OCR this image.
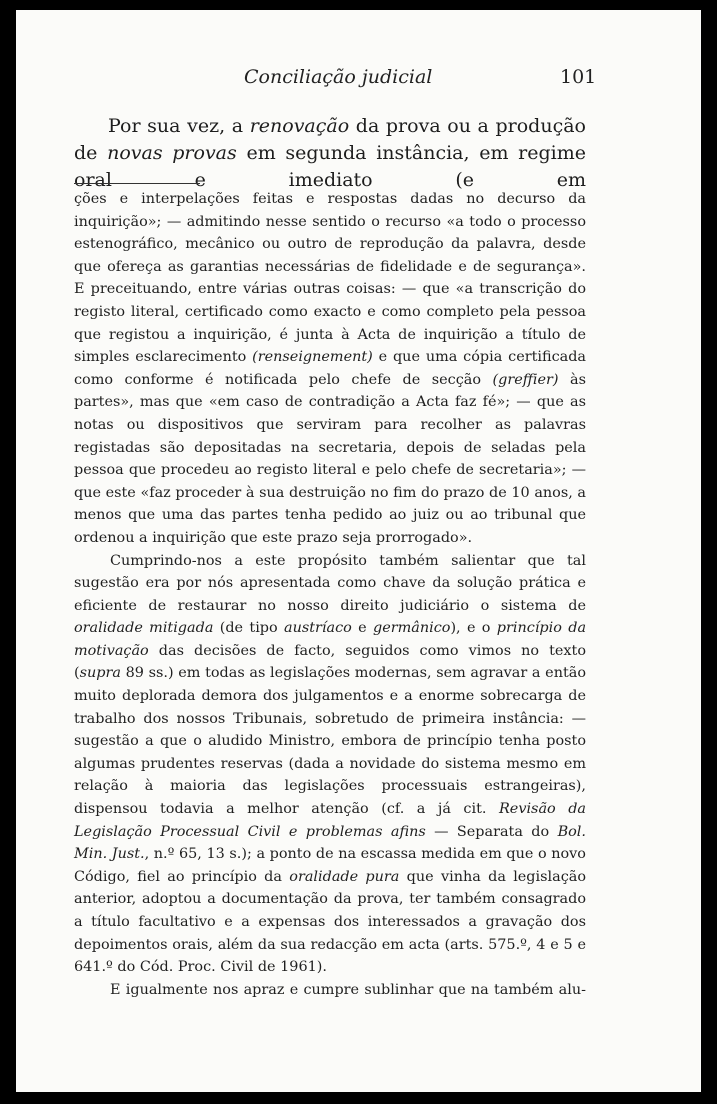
Conciliação judicial	101

Por sua vez, a renovação da prova ou a produção de novas provas em segunda instância, em regime oral e imediato (e em

ções e interpelações feitas e respostas dadas no decurso da inquirição»; — admitindo nesse sentido o recurso «a todo o processo estenográfico, mecânico ou outro de reprodução da palavra, desde que ofereça as garantias necessárias de fidelidade e de segurança». E preceituando, entre várias outras coisas: — que «a transcrição do registo literal, certificado como exacto e como completo pela pessoa que registou a inquirição, é junta à Acta de inquirição a título de simples esclarecimento (renseignement) e que uma cópia certificada como conforme é notificada pelo chefe de secção (greffier) às partes», mas que «em caso de contradição a Acta faz fé»; — que as notas ou dispositivos que serviram para recolher as palavras registadas são depositadas na secretaria, depois de seladas pela pessoa que procedeu ao registo literal e pelo chefe de secretaria»; — que este «faz proceder à sua destruição no fim do prazo de 10 anos, a menos que uma das partes tenha pedido ao juiz ou ao tribunal que ordenou a inquirição que este prazo seja prorrogado».

Cumprindo-nos a este propósito também salientar que tal sugestão era por nós apresentada como chave da solução prática e eficiente de restaurar no nosso direito judiciário o sistema de oralidade mitigada (de tipo austríaco e germânico), e o princípio da motivação das decisões de facto, seguidos como vimos no texto (supra 89 ss.) em todas as legislações modernas, sem agravar a então muito deplorada demora dos julgamentos e a enorme sobrecarga de trabalho dos nossos Tribunais, sobretudo de primeira instância: — sugestão a que o aludido Ministro, embora de princípio tenha posto algumas prudentes reservas (dada a novidade do sistema mesmo em relação à maioria das legislações processuais estrangeiras), dispensou todavia a melhor atenção (cf. a já cit. Revisão da Legislação Processual Civil e problemas afins — Separata do Bol. Min. Just., n.º 65, 13 s.); a ponto de na escassa medida em que o novo Código, fiel ao princípio da oralidade pura que vinha da legislação anterior, adoptou a documentação da prova, ter também consagrado a título facultativo e a expensas dos interessados a gravação dos depoimentos orais, além da sua redacção em acta (arts. 575.º, 4 e 5 e 641.º do Cód. Proc. Civil de 1961).

E igualmente nos apraz e cumpre sublinhar que na também alu-
